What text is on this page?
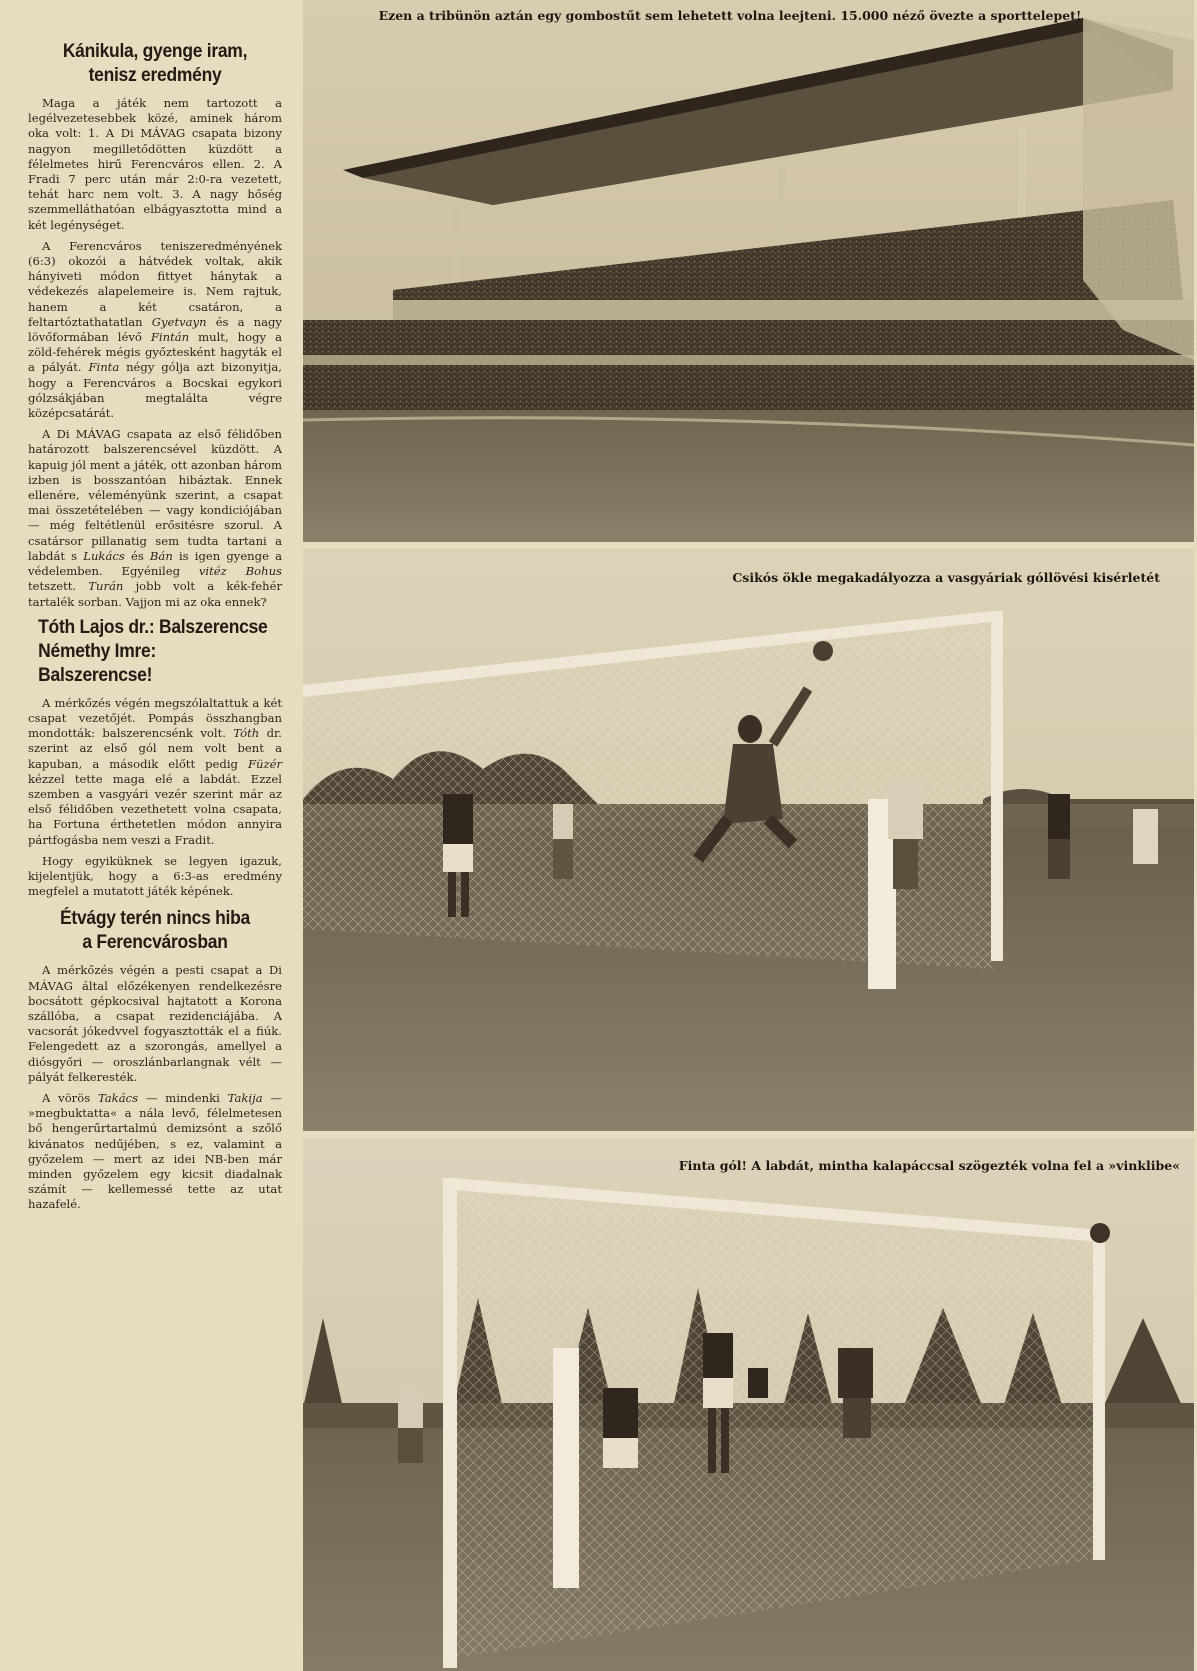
Kánikula, gyenge iram, tenisz eredmény

Maga a játék nem tartozott a legélvezetesebbek közé, aminek három oka volt: 1. A Di MÁVAG csapata bizony nagyon megilletődötten küzdött a félelmetes hirű Ferencváros ellen. 2. A Fradi 7 perc után már 2:0-ra vezetett, tehát harc nem volt. 3. A nagy hőség szemmelláthatóan elbágyasztotta mind a két legénységet.

A Ferencváros teniszeredményének (6:3) okozói a hátvédek voltak, akik hányiveti módon fittyet hánytak a védekezés alapelemeire is. Nem rajtuk, hanem a két csatáron, a feltartóztathatatlan Gyetvayn és a nagy lövőformában lévő Fintán mult, hogy a zöld-fehérek mégis győztesként hagyták el a pályát. Finta négy gólja azt bizonyitja, hogy a Ferencváros a Bocskai egykori gólzsákjában megtalálta végre középcsatárát.

A Di MÁVAG csapata az első félidőben határozott balszerencsével küzdött. A kapuig jól ment a játék, ott azonban három izben is bosszantóan hibáztak. Ennek ellenére, véleményünk szerint, a csapat mai összetételében — vagy kondiciójában — még feltétlenül erősitésre szorul. A csatársor pillanatig sem tudta tartani a labdát s Lukács és Bán is igen gyenge a védelemben. Egyénileg vitéz Bohus tetszett. Turán jobb volt a kék-fehér tartalék sorban. Vajjon mi az oka ennek?

Tóth Lajos dr.: Balszerencse
Némethy Imre: Balszerencse!

A mérkőzés végén megszólaltattuk a két csapat vezetőjét. Pompás összhangban mondották: balszerencsénk volt. Tóth dr. szerint az első gól nem volt bent a kapuban, a második előtt pedig Füzér kézzel tette maga elé a labdát. Ezzel szemben a vasgyári vezér szerint már az első félidőben vezethetett volna csapata, ha Fortuna érthetetlen módon annyira pártfogásba nem veszi a Fradit.

Hogy egyiküknek se legyen igazuk, kijelentjük, hogy a 6:3-as eredmény megfelel a mutatott játék képének.

Étvágy terén nincs hiba
a Ferencvárosban

A mérkőzés végén a pesti csapat a Di MÁVAG által előzékenyen rendelkezésre bocsátott gépkocsival hajtatott a Korona szállóba, a csapat rezidenciájába. A vacsorát jókedvvel fogyasztották el a fiúk. Felengedett az a szorongás, amellyel a diósgyőri — oroszlánbarlangnak vélt — pályát felkeresték.

A vörös Takács — mindenki Takija — »megbuktatta« a nála levő, félelmetesen bő hengerűrtartalmú demizsónt a szőlő kivánatos nedűjében, s ez, valamint a győzelem — mert az idei NB-ben már minden győzelem egy kicsit diadalnak számít — kellemessé tette az utat hazafelé.

Ezen a tribünön aztán egy gombostűt sem lehetett volna leejteni. 15.000 néző övezte a sporttelepet!
Csikós ökle megakadályozza a vasgyáriak góllövési kisérletét
Finta gól! A labdát, mintha kalapáccsal szögezték volna fel a »vinklibe«
